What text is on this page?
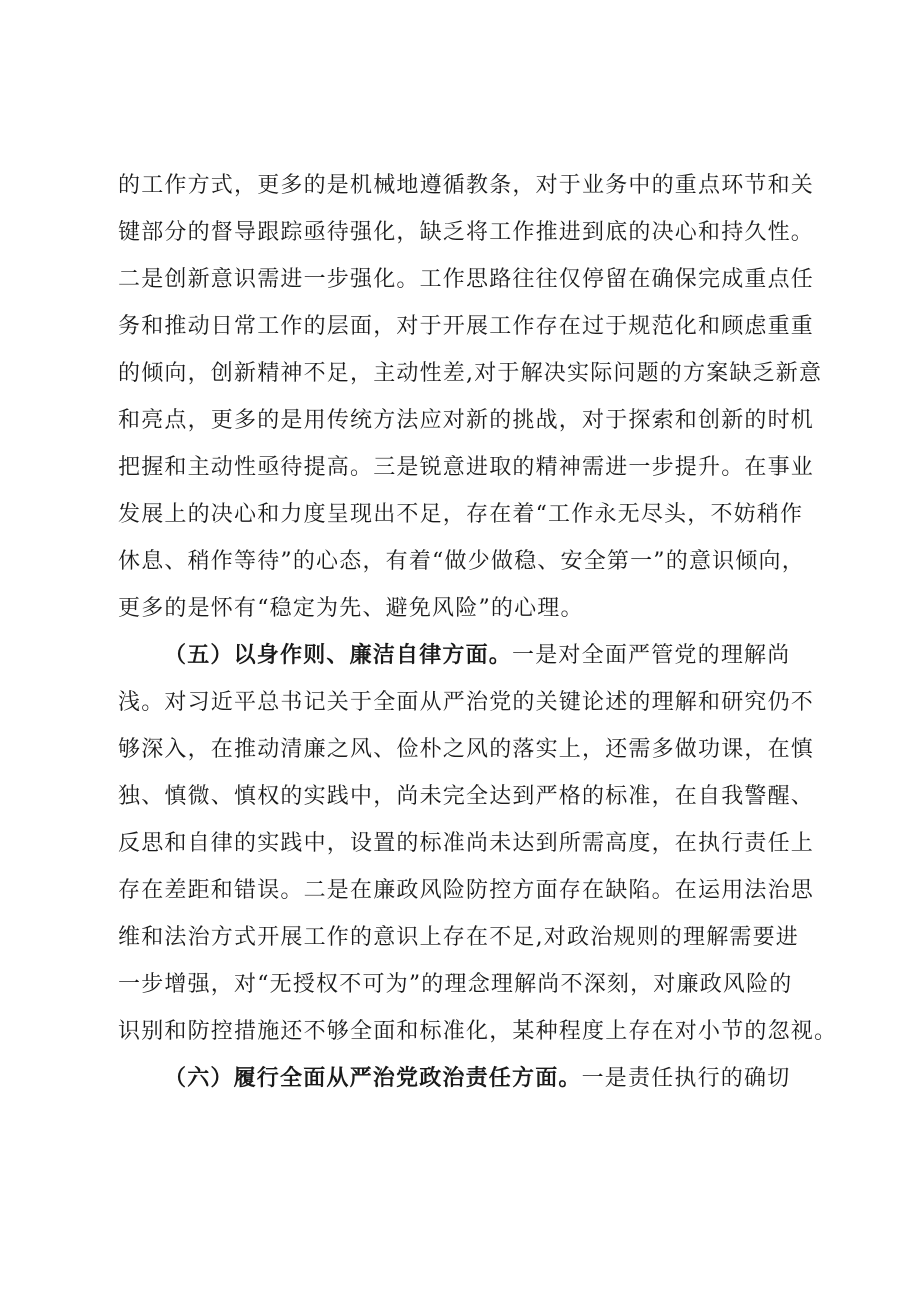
的工作方式，更多的是机械地遵循教条，对于业务中的重点环节和关
键部分的督导跟踪亟待强化，缺乏将工作推进到底的决心和持久性。
二是创新意识需进一步强化。工作思路往往仅停留在确保完成重点任
务和推动日常工作的层面，对于开展工作存在过于规范化和顾虑重重
的倾向，创新精神不足，主动性差,对于解决实际问题的方案缺乏新意
和亮点，更多的是用传统方法应对新的挑战，对于探索和创新的时机
把握和主动性亟待提高。三是锐意进取的精神需进一步提升。在事业
发展上的决心和力度呈现出不足，存在着“工作永无尽头，不妨稍作
休息、稍作等待”的心态，有着“做少做稳、安全第一”的意识倾向，
更多的是怀有“稳定为先、避免风险”的心理。
（五）以身作则、廉洁自律方面。一是对全面严管党的理解尚
浅。对习近平总书记关于全面从严治党的关键论述的理解和研究仍不
够深入，在推动清廉之风、俭朴之风的落实上，还需多做功课，在慎
独、慎微、慎权的实践中，尚未完全达到严格的标准，在自我警醒、
反思和自律的实践中，设置的标准尚未达到所需高度，在执行责任上
存在差距和错误。二是在廉政风险防控方面存在缺陷。在运用法治思
维和法治方式开展工作的意识上存在不足,对政治规则的理解需要进
一步增强，对“无授权不可为”的理念理解尚不深刻，对廉政风险的
识别和防控措施还不够全面和标准化，某种程度上存在对小节的忽视。
（六）履行全面从严治党政治责任方面。一是责任执行的确切
